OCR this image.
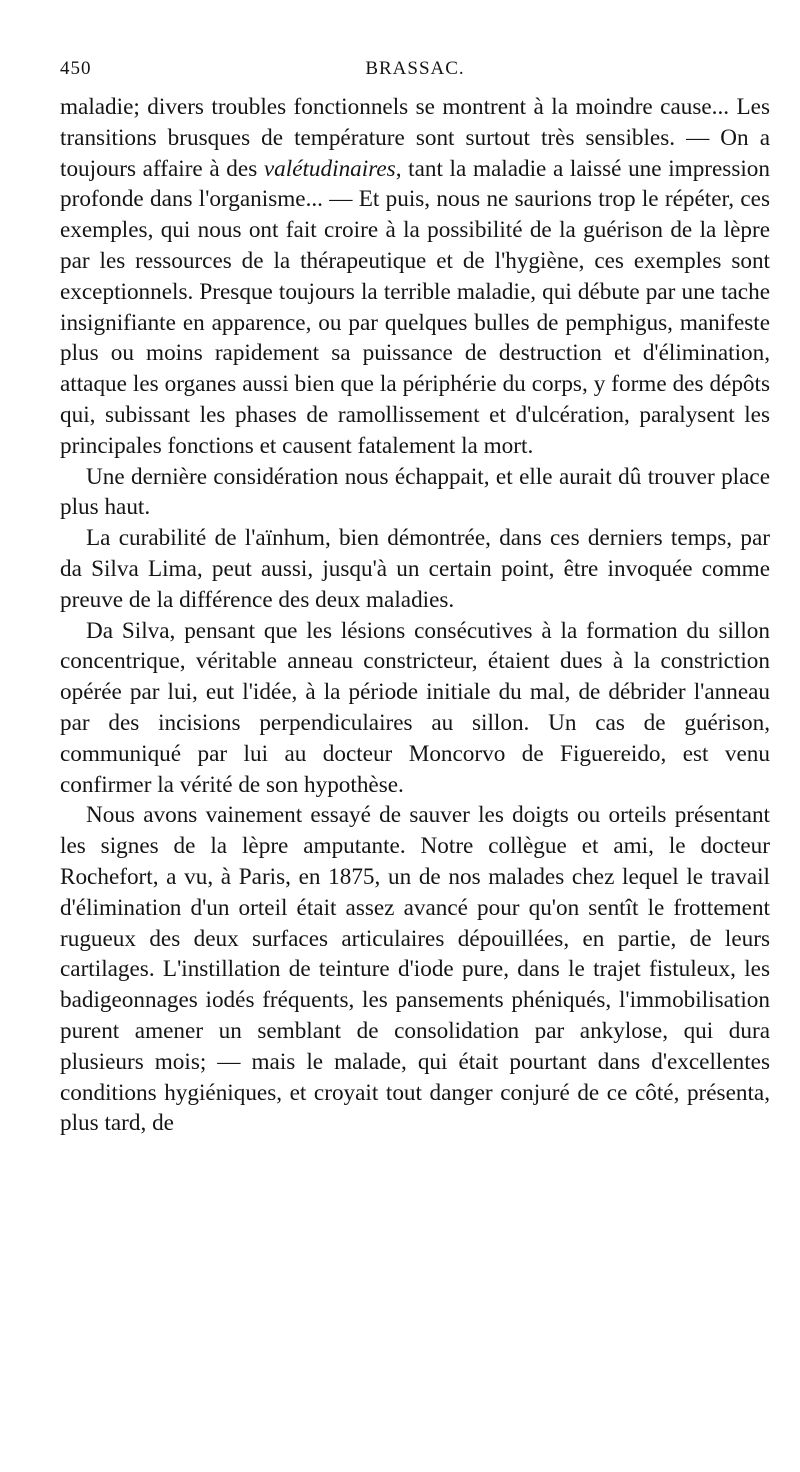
450	BRASSAC.

maladie; divers troubles fonctionnels se montrent à la moindre cause... Les transitions brusques de température sont surtout très sensibles. — On a toujours affaire à des valétudinaires, tant la maladie a laissé une impression profonde dans l'organisme... — Et puis, nous ne saurions trop le répéter, ces exemples, qui nous ont fait croire à la possibilité de la guérison de la lèpre par les ressources de la thérapeutique et de l'hygiène, ces exemples sont exceptionnels. Presque toujours la terrible maladie, qui débute par une tache insignifiante en apparence, ou par quelques bulles de pemphigus, manifeste plus ou moins rapidement sa puissance de destruction et d'élimination, attaque les organes aussi bien que la périphérie du corps, y forme des dépôts qui, subissant les phases de ramollissement et d'ulcération, paralysent les principales fonctions et causent fatalement la mort.

Une dernière considération nous échappait, et elle aurait dû trouver place plus haut.

La curabilité de l'aïnhum, bien démontrée, dans ces derniers temps, par da Silva Lima, peut aussi, jusqu'à un certain point, être invoquée comme preuve de la différence des deux maladies.

Da Silva, pensant que les lésions consécutives à la formation du sillon concentrique, véritable anneau constricteur, étaient dues à la constriction opérée par lui, eut l'idée, à la période initiale du mal, de débrider l'anneau par des incisions perpendiculaires au sillon. Un cas de guérison, communiqué par lui au docteur Moncorvo de Figuereido, est venu confirmer la vérité de son hypothèse.

Nous avons vainement essayé de sauver les doigts ou orteils présentant les signes de la lèpre amputante. Notre collègue et ami, le docteur Rochefort, a vu, à Paris, en 1875, un de nos malades chez lequel le travail d'élimination d'un orteil était assez avancé pour qu'on sentît le frottement rugueux des deux surfaces articulaires dépouillées, en partie, de leurs cartilages. L'instillation de teinture d'iode pure, dans le trajet fistuleux, les badigeonnages iodés fréquents, les pansements phéniqués, l'immobilisation purent amener un semblant de consolidation par ankylose, qui dura plusieurs mois; — mais le malade, qui était pourtant dans d'excellentes conditions hygiéniques, et croyait tout danger conjuré de ce côté, présenta, plus tard, de
